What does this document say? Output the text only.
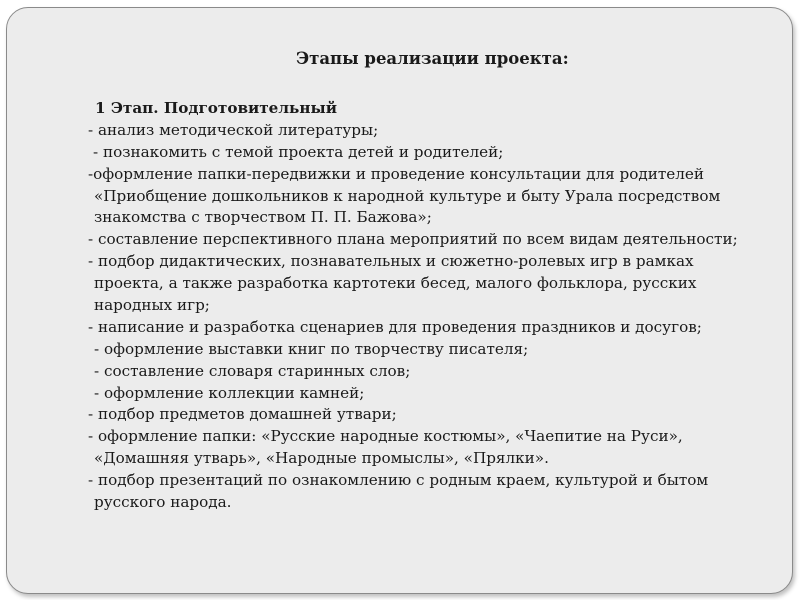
Этапы реализации проекта:
1 Этап. Подготовительный
- анализ методической литературы;
- познакомить с темой проекта детей и родителей;
-оформление папки-передвижки и проведение консультации для родителей
«Приобщение дошкольников к народной культуре и быту Урала посредством
знакомства с творчеством П. П. Бажова»;
- составление перспективного плана мероприятий по всем видам деятельности;
- подбор дидактических, познавательных и сюжетно-ролевых игр в рамках
проекта, а также разработка картотеки бесед, малого фольклора, русских
народных игр;
- написание и разработка сценариев для проведения праздников и досугов;
- оформление выставки книг по творчеству писателя;
- составление словаря старинных слов;
- оформление коллекции камней;
- подбор предметов домашней утвари;
- оформление папки: «Русские народные костюмы», «Чаепитие на Руси»,
«Домашняя утварь», «Народные промыслы», «Прялки».
- подбор презентаций по ознакомлению с родным краем, культурой и бытом
русского народа.
